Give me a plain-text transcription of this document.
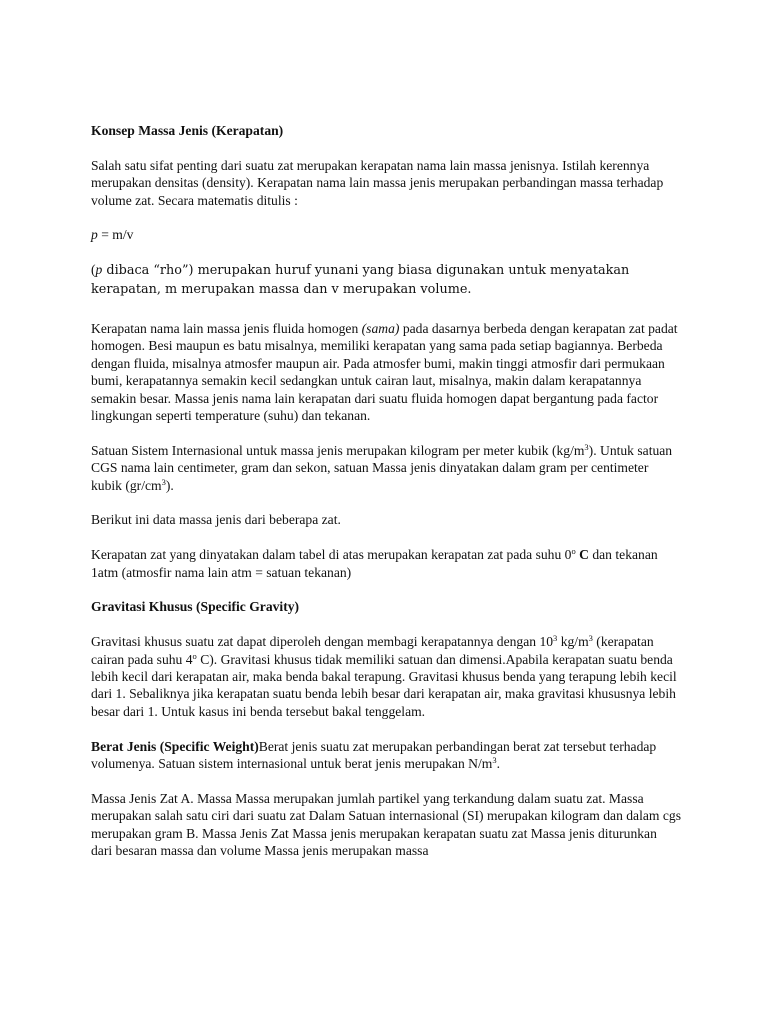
Konsep Massa Jenis (Kerapatan)

Salah satu sifat penting dari suatu zat merupakan kerapatan nama lain massa jenisnya. Istilah kerennya merupakan densitas (density). Kerapatan nama lain massa jenis merupakan perbandingan massa terhadap volume zat. Secara matematis ditulis :

p = m/v

(p dibaca “rho”) merupakan huruf yunani yang biasa digunakan untuk menyatakan kerapatan, m merupakan massa dan v merupakan volume.

Kerapatan nama lain massa jenis fluida homogen (sama) pada dasarnya berbeda dengan kerapatan zat padat homogen. Besi maupun es batu misalnya, memiliki kerapatan yang sama pada setiap bagiannya. Berbeda dengan fluida, misalnya atmosfer maupun air. Pada atmosfer bumi, makin tinggi atmosfir dari permukaan bumi, kerapatannya semakin kecil sedangkan untuk cairan laut, misalnya, makin dalam kerapatannya semakin besar. Massa jenis nama lain kerapatan dari suatu fluida homogen dapat bergantung pada factor lingkungan seperti temperature (suhu) dan tekanan.

Satuan Sistem Internasional untuk massa jenis merupakan kilogram per meter kubik $(kg/m^3)$. Untuk satuan CGS nama lain centimeter, gram dan sekon, satuan Massa jenis dinyatakan dalam gram per centimeter kubik $(gr/cm^3)$.

Berikut ini data massa jenis dari beberapa zat.

Kerapatan zat yang dinyatakan dalam tabel di atas merupakan kerapatan zat pada suhu 0$^o$ C dan tekanan 1atm (atmosfir nama lain atm = satuan tekanan)

Gravitasi Khusus (Specific Gravity)

Gravitasi khusus suatu zat dapat diperoleh dengan membagi kerapatannya dengan $10^3$ $kg/m^3$ (kerapatan cairan pada suhu 4$^o$ C). Gravitasi khusus tidak memiliki satuan dan dimensi.Apabila kerapatan suatu benda lebih kecil dari kerapatan air, maka benda bakal terapung. Gravitasi khusus benda yang terapung lebih kecil dari 1. Sebaliknya jika kerapatan suatu benda lebih besar dari kerapatan air, maka gravitasi khususnya lebih besar dari 1. Untuk kasus ini benda tersebut bakal tenggelam.

Berat Jenis (Specific Weight)Berat jenis suatu zat merupakan perbandingan berat zat tersebut terhadap volumenya. Satuan sistem internasional untuk berat jenis merupakan $N/m^3$.

Massa Jenis Zat A. Massa Massa merupakan jumlah partikel yang terkandung dalam suatu zat. Massa merupakan salah satu ciri dari suatu zat Dalam Satuan internasional (SI) merupakan kilogram dan dalam cgs merupakan gram B. Massa Jenis Zat Massa jenis merupakan kerapatan suatu zat Massa jenis diturunkan dari besaran massa dan volume Massa jenis merupakan massa
